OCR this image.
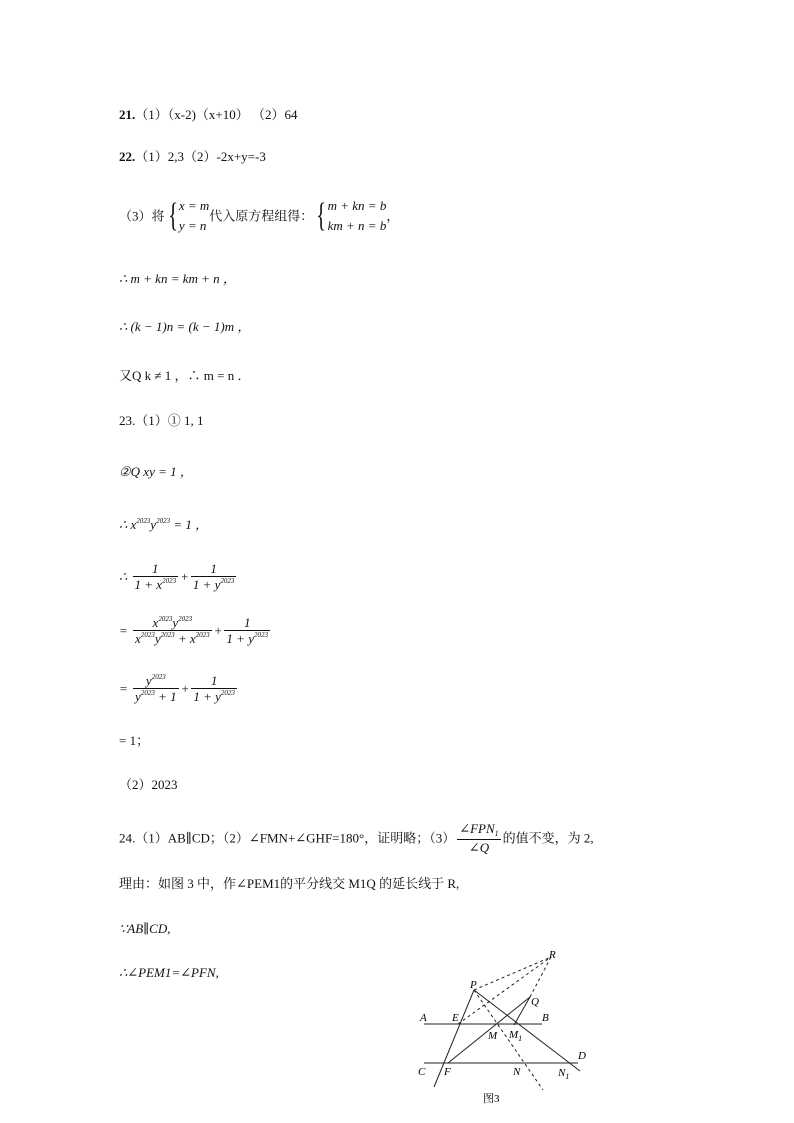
21.（1）（x-2)（x+10） （2）64
22.（1）2,3（2）-2x+y=-3
（3）将{ x = m
y = n
代入原方程组得：{ m + kn = b
km + n = b
，
∴ m + kn = km + n ，
∴ (k − 1)n = (k − 1)m ，
又Q k ≠ 1 ，∴ m = n ．
23.（1）① 1, 1
②Q xy = 1 ，
∴ $x^{2023}y^{2023} = 1$ ，
∴ $\frac{1}{1 + x^{2023}} + \frac{1}{1 + y^{2023}}$
= $\frac{x^{2023}y^{2023}}{x^{2023}y^{2023} + x^{2023}} + \frac{1}{1 + y^{2023}}$
= $\frac{y^{2023}}{y^{2023} + 1} + \frac{1}{1 + y^{2023}}$
= 1；
（2）2023
24.（1）AB∥CD；（2）∠FMN+∠GHF=180°，证明略；$(3) \frac{\angle FPN_1}{\angle Q}$ 的值不变，为 2,
理由：如图 3 中，作∠PEM1的平分线交 M1Q 的延长线于 R,
∵AB∥CD,
∴∠PEM1=∠PFN,
R
P
Q
A E	B
M $M_1$
D
C F	N	$N_1$
图3
